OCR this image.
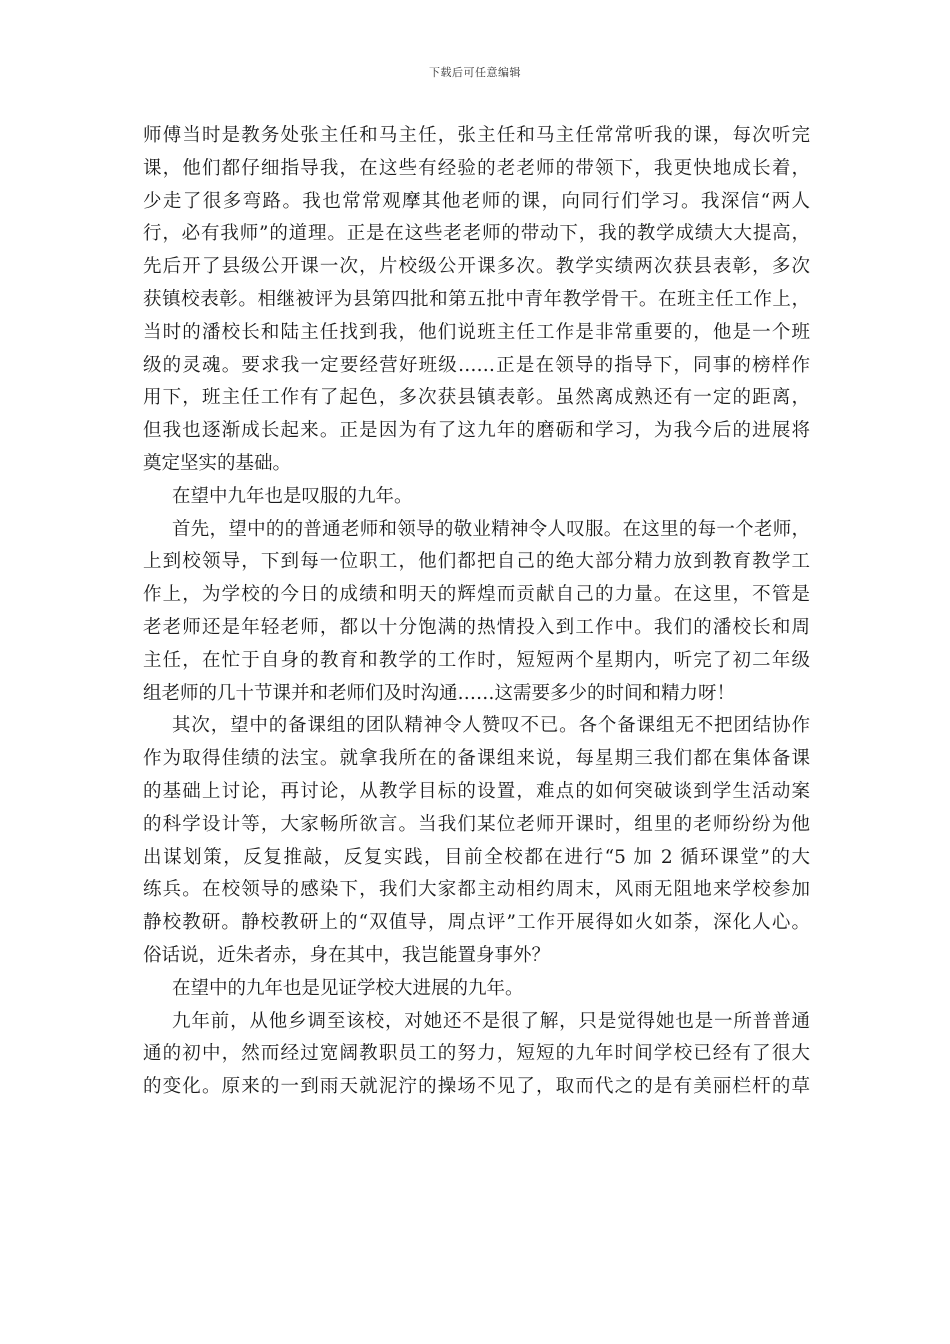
下载后可任意编辑
师傅当时是教务处张主任和马主任，张主任和马主任常常听我的课，每次听完
课，他们都仔细指导我，在这些有经验的老老师的带领下，我更快地成长着，
少走了很多弯路。我也常常观摩其他老师的课，向同行们学习。我深信“两人
行，必有我师”的道理。正是在这些老老师的带动下，我的教学成绩大大提高，
先后开了县级公开课一次，片校级公开课多次。教学实绩两次获县表彰，多次
获镇校表彰。相继被评为县第四批和第五批中青年教学骨干。在班主任工作上，
当时的潘校长和陆主任找到我，他们说班主任工作是非常重要的，他是一个班
级的灵魂。要求我一定要经营好班级……正是在领导的指导下，同事的榜样作
用下，班主任工作有了起色，多次获县镇表彰。虽然离成熟还有一定的距离，
但我也逐渐成长起来。正是因为有了这九年的磨砺和学习，为我今后的进展将
奠定坚实的基础。
在望中九年也是叹服的九年。
首先，望中的的普通老师和领导的敬业精神令人叹服。在这里的每一个老师，
上到校领导，下到每一位职工，他们都把自己的绝大部分精力放到教育教学工
作上，为学校的今日的成绩和明天的辉煌而贡献自己的力量。在这里，不管是
老老师还是年轻老师，都以十分饱满的热情投入到工作中。我们的潘校长和周
主任，在忙于自身的教育和教学的工作时，短短两个星期内，听完了初二年级
组老师的几十节课并和老师们及时沟通……这需要多少的时间和精力呀！
其次，望中的备课组的团队精神令人赞叹不已。各个备课组无不把团结协作
作为取得佳绩的法宝。就拿我所在的备课组来说，每星期三我们都在集体备课
的基础上讨论，再讨论，从教学目标的设置，难点的如何突破谈到学生活动案
的科学设计等，大家畅所欲言。当我们某位老师开课时，组里的老师纷纷为他
出谋划策，反复推敲，反复实践，目前全校都在进行“5 加 2 循环课堂”的大
练兵。在校领导的感染下，我们大家都主动相约周末，风雨无阻地来学校参加
静校教研。静校教研上的“双值导，周点评”工作开展得如火如荼，深化人心。
俗话说，近朱者赤，身在其中，我岂能置身事外？
在望中的九年也是见证学校大进展的九年。
九年前，从他乡调至该校，对她还不是很了解，只是觉得她也是一所普普通
通的初中，然而经过宽阔教职员工的努力，短短的九年时间学校已经有了很大
的变化。原来的一到雨天就泥泞的操场不见了，取而代之的是有美丽栏杆的草
